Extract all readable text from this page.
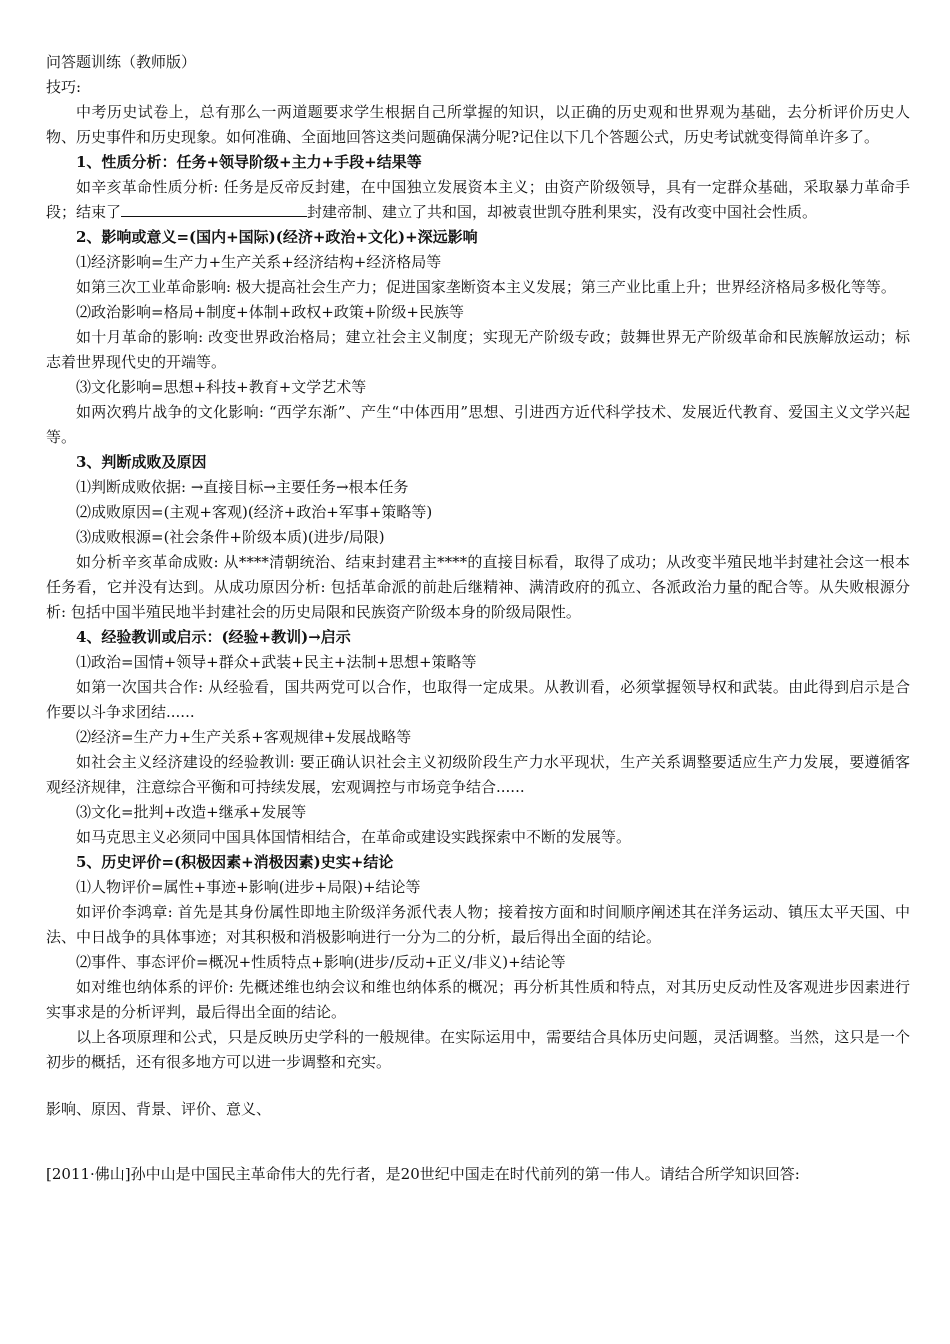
问答题训练（教师版）

技巧:

中考历史试卷上，总有那么一两道题要求学生根据自己所掌握的知识，以正确的历史观和世界观为基础，去分析评价历史人物、历史事件和历史现象。如何准确、全面地回答这类问题确保满分呢?记住以下几个答题公式，历史考试就变得简单许多了。

1、性质分析：任务+领导阶级+主力+手段+结果等

如辛亥革命性质分析: 任务是反帝反封建，在中国独立发展资本主义；由资产阶级领导，具有一定群众基础，采取暴力革命手段；结束了	封建帝制、建立了共和国，却被袁世凯夺胜利果实，没有改变中国社会性质。

2、影响或意义=(国内+国际)(经济+政治+文化)+深远影响

⑴经济影响=生产力+生产关系+经济结构+经济格局等

如第三次工业革命影响: 极大提高社会生产力；促进国家垄断资本主义发展；第三产业比重上升；世界经济格局多极化等等。

⑵政治影响=格局+制度+体制+政权+政策+阶级+民族等

如十月革命的影响: 改变世界政治格局；建立社会主义制度；实现无产阶级专政；鼓舞世界无产阶级革命和民族解放运动；标志着世界现代史的开端等。

⑶文化影响=思想+科技+教育+文学艺术等

如两次鸦片战争的文化影响: “西学东渐”、产生“中体西用”思想、引进西方近代科学技术、发展近代教育、爱国主义文学兴起等。

3、判断成败及原因

⑴判断成败依据: →直接目标→主要任务→根本任务

⑵成败原因=(主观+客观)(经济+政治+军事+策略等)

⑶成败根源=(社会条件+阶级本质)(进步/局限)

如分析辛亥革命成败: 从****清朝统治、结束封建君主****的直接目标看，取得了成功；从改变半殖民地半封建社会这一根本任务看，它并没有达到。从成功原因分析: 包括革命派的前赴后继精神、满清政府的孤立、各派政治力量的配合等。从失败根源分析: 包括中国半殖民地半封建社会的历史局限和民族资产阶级本身的阶级局限性。

4、经验教训或启示：(经验+教训)→启示

⑴政治=国情+领导+群众+武装+民主+法制+思想+策略等

如第一次国共合作: 从经验看，国共两党可以合作，也取得一定成果。从教训看，必须掌握领导权和武装。由此得到启示是合作要以斗争求团结......

⑵经济=生产力+生产关系+客观规律+发展战略等

如社会主义经济建设的经验教训: 要正确认识社会主义初级阶段生产力水平现状，生产关系调整要适应生产力发展，要遵循客观经济规律，注意综合平衡和可持续发展，宏观调控与市场竞争结合......

⑶文化=批判+改造+继承+发展等

如马克思主义必须同中国具体国情相结合，在革命或建设实践探索中不断的发展等。

5、历史评价=(积极因素+消极因素)史实+结论

⑴人物评价=属性+事迹+影响(进步+局限)+结论等

如评价李鸿章: 首先是其身份属性即地主阶级洋务派代表人物；接着按方面和时间顺序阐述其在洋务运动、镇压太平天国、中法、中日战争的具体事迹；对其积极和消极影响进行一分为二的分析，最后得出全面的结论。

⑵事件、事态评价=概况+性质特点+影响(进步/反动+正义/非义)+结论等

如对维也纳体系的评价: 先概述维也纳会议和维也纳体系的概况；再分析其性质和特点，对其历史反动性及客观进步因素进行实事求是的分析评判，最后得出全面的结论。

以上各项原理和公式，只是反映历史学科的一般规律。在实际运用中，需要结合具体历史问题，灵活调整。当然，这只是一个初步的概括，还有很多地方可以进一步调整和充实。

影响、原因、背景、评价、意义、

[2011·佛山]孙中山是中国民主革命伟大的先行者，是20世纪中国走在时代前列的第一伟人。请结合所学知识回答:
